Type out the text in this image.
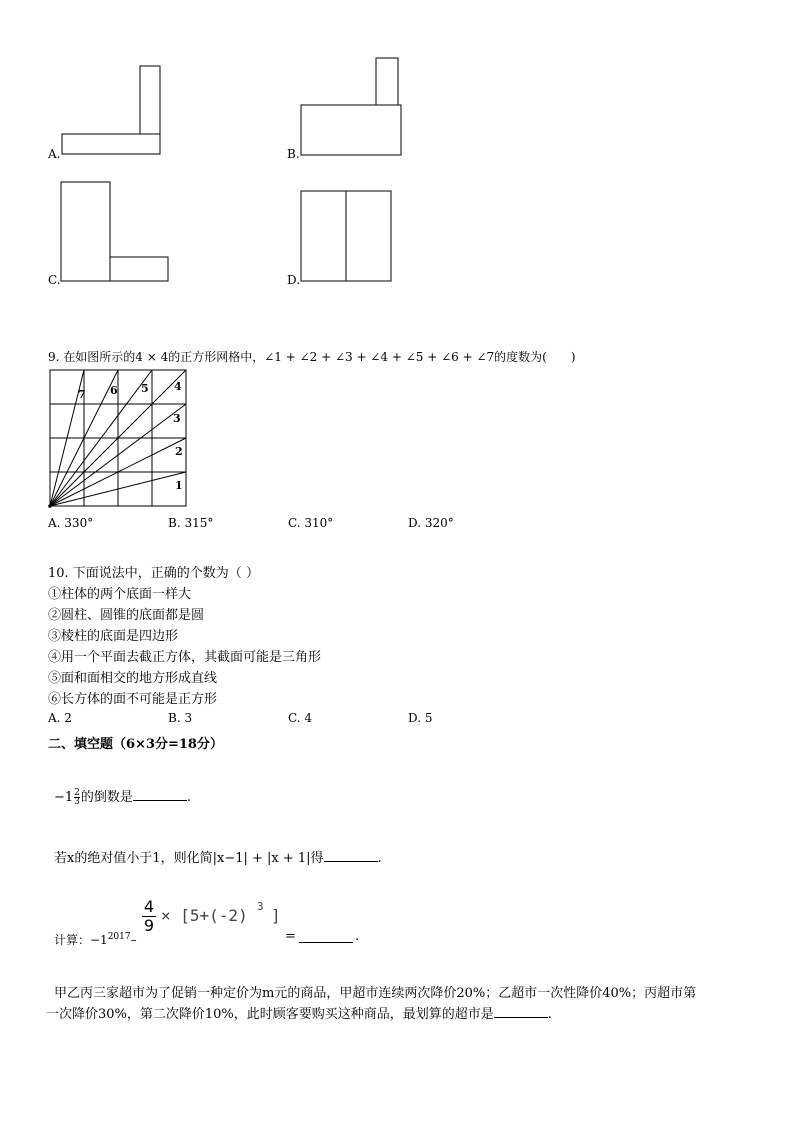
A.	B.
C.	D.
9. 在如图所示的4 × 4的正方形网格中，∠1 + ∠2 + ∠3 + ∠4 + ∠5 + ∠6 + ∠7的度数为(　　)
1
2
3
4
5
6
7
A. 330°	B. 315°	C. 310°	D. 320°
10. 下面说法中，正确的个数为（ ）
①柱体的两个底面一样大
②圆柱、圆锥的底面都是圆
③棱柱的底面是四边形
④用一个平面去截正方体，其截面可能是三角形
⑤面和面相交的地方形成直线
⑥长方体的面不可能是正方形
A. 2	B. 3	C. 4	D. 5
二、填空题（6×3分=18分）
$-1 \frac{2}{3}$ 的倒数是	.
若x的绝对值小于1，则化简|x−1| + |x + 1|得	.
计算：$-1^{2017}-$
$\frac{4}{9} \times [5+(-2)$ 3 ]
=	.
甲乙丙三家超市为了促销一种定价为m元的商品，甲超市连续两次降价20%；乙超市一次性降价40%；丙超市第
一次降价30%，第二次降价10%，此时顾客要购买这种商品，最划算的超市是	.
